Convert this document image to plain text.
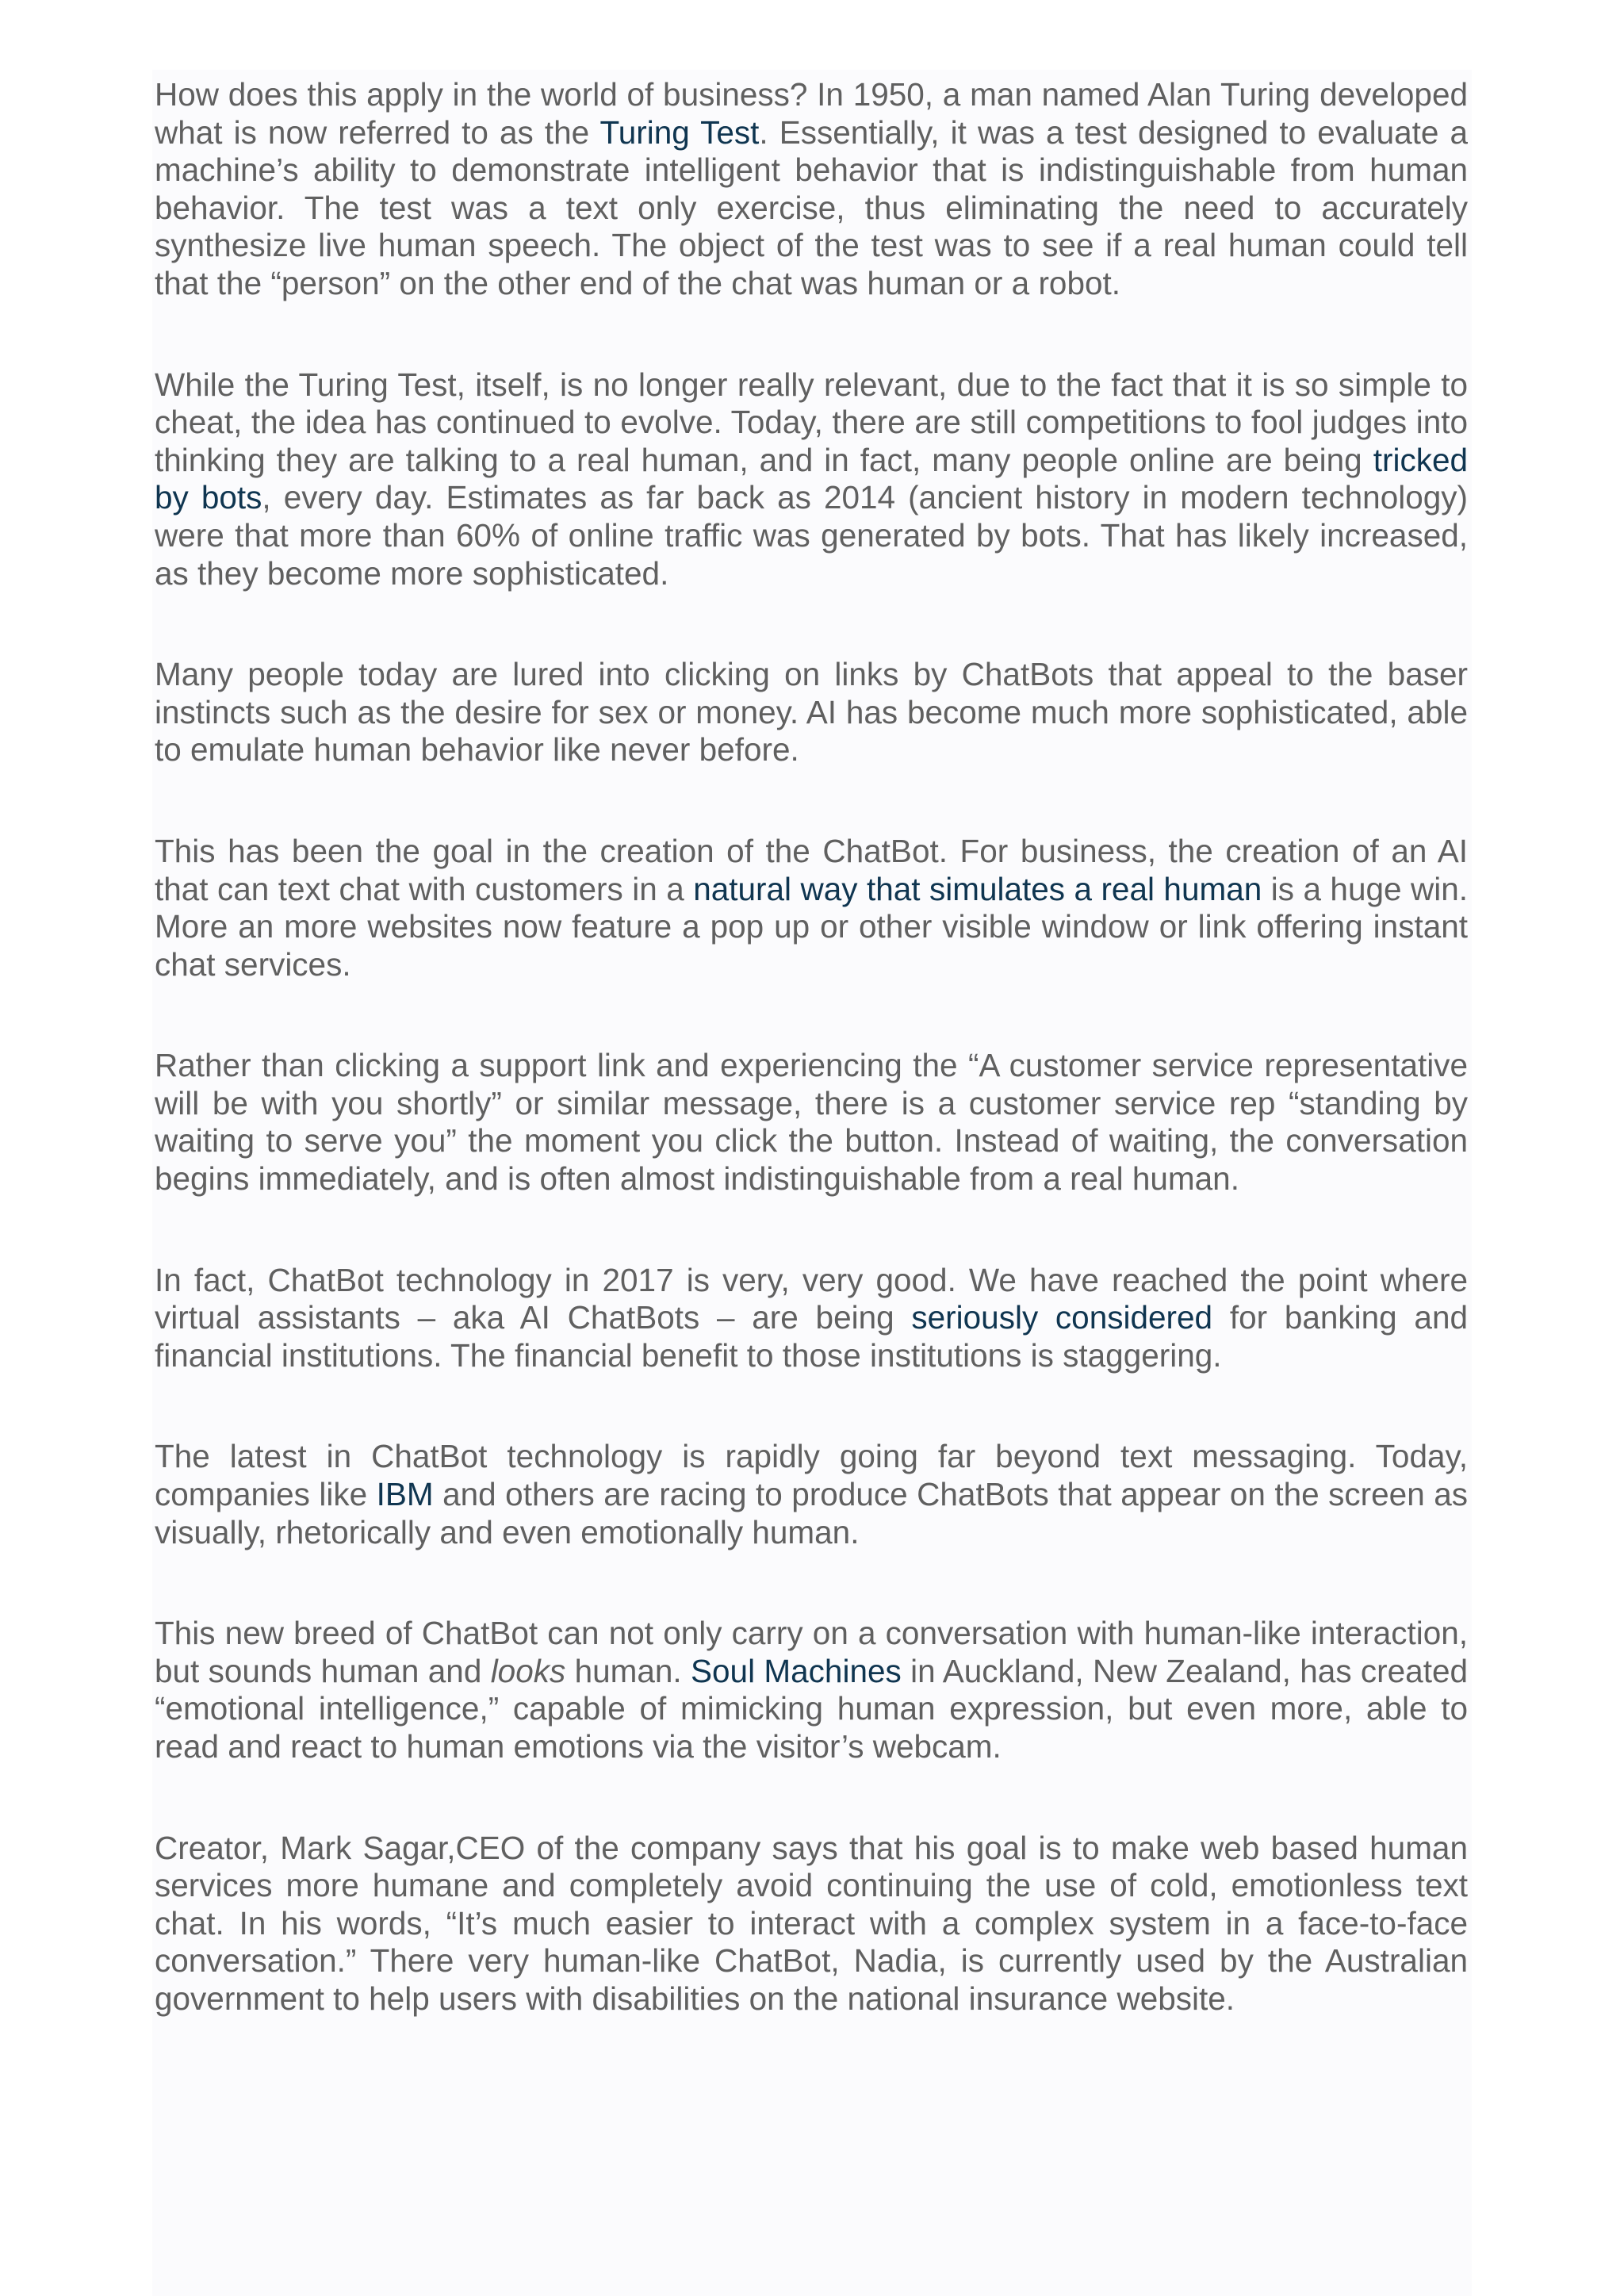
How does this apply in the world of business? In 1950, a man named Alan Turing developed what is now referred to as the Turing Test. Essentially, it was a test designed to evaluate a machine’s ability to demonstrate intelligent behavior that is indistinguishable from human behavior. The test was a text only exercise, thus eliminating the need to accurately synthesize live human speech. The object of the test was to see if a real human could tell that the “person” on the other end of the chat was human or a robot.

While the Turing Test, itself, is no longer really relevant, due to the fact that it is so simple to cheat, the idea has continued to evolve. Today, there are still competitions to fool judges into thinking they are talking to a real human, and in fact, many people online are being tricked by bots, every day. Estimates as far back as 2014 (ancient history in modern technology) were that more than 60% of online traffic was generated by bots. That has likely increased, as they become more sophisticated.

Many people today are lured into clicking on links by ChatBots that appeal to the baser instincts such as the desire for sex or money. AI has become much more sophisticated, able to emulate human behavior like never before.

This has been the goal in the creation of the ChatBot. For business, the creation of an AI that can text chat with customers in a natural way that simulates a real human is a huge win. More an more websites now feature a pop up or other visible window or link offering instant chat services.

Rather than clicking a support link and experiencing the “A customer service representative will be with you shortly” or similar message, there is a customer service rep “standing by waiting to serve you” the moment you click the button. Instead of waiting, the conversation begins immediately, and is often almost indistinguishable from a real human.

In fact, ChatBot technology in 2017 is very, very good. We have reached the point where virtual assistants – aka AI ChatBots – are being seriously considered for banking and financial institutions. The financial benefit to those institutions is staggering.

The latest in ChatBot technology is rapidly going far beyond text messaging. Today, companies like IBM and others are racing to produce ChatBots that appear on the screen as visually, rhetorically and even emotionally human.

This new breed of ChatBot can not only carry on a conversation with human-like interaction, but sounds human and looks human. Soul Machines in Auckland, New Zealand, has created “emotional intelligence,” capable of mimicking human expression, but even more, able to read and react to human emotions via the visitor’s webcam.

Creator, Mark Sagar,CEO of the company says that his goal is to make web based human services more humane and completely avoid continuing the use of cold, emotionless text chat. In his words, “It’s much easier to interact with a complex system in a face-to-face conversation.” There very human-like ChatBot, Nadia, is currently used by the Australian government to help users with disabilities on the national insurance website.
